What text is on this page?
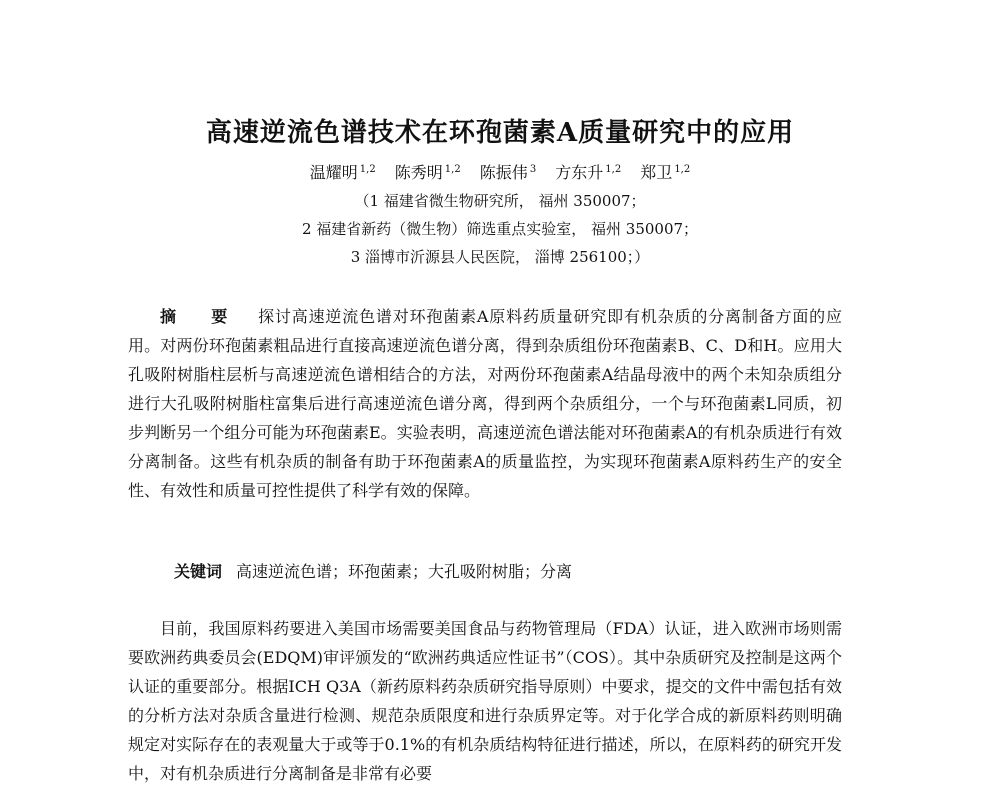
高速逆流色谱技术在环孢菌素A质量研究中的应用
温耀明 $^{1,2}$ 陈秀明 $^{1,2}$ 陈振伟 $^3$ 方东升 $^{1,2}$ 郑卫 $^{1,2}$
（1 福建省微生物研究所， 福州 350007；
2 福建省新药（微生物）筛选重点实验室， 福州 350007；
3 淄博市沂源县人民医院， 淄博 256100；）
摘 要 探讨高速逆流色谱对环孢菌素A原料药质量研究即有机杂质的分离制备方面的应用。对两份环孢菌素粗品进行直接高速逆流色谱分离，得到杂质组份环孢菌素B、C、D和H。应用大孔吸附树脂柱层析与高速逆流色谱相结合的方法，对两份环孢菌素A结晶母液中的两个未知杂质组分进行大孔吸附树脂柱富集后进行高速逆流色谱分离，得到两个杂质组分，一个与环孢菌素L同质，初步判断另一个组分可能为环孢菌素E。实验表明，高速逆流色谱法能对环孢菌素A的有机杂质进行有效分离制备。这些有机杂质的制备有助于环孢菌素A的质量监控，为实现环孢菌素A原料药生产的安全性、有效性和质量可控性提供了科学有效的保障。
关键词 高速逆流色谱；环孢菌素；大孔吸附树脂；分离
目前，我国原料药要进入美国市场需要美国食品与药物管理局（FDA）认证，进入欧洲市场则需要欧洲药典委员会(EDQM)审评颁发的“欧洲药典适应性证书”（COS）。其中杂质研究及控制是这两个认证的重要部分。根据ICH Q3A（新药原料药杂质研究指导原则）中要求，提交的文件中需包括有效的分析方法对杂质含量进行检测、规范杂质限度和进行杂质界定等。对于化学合成的新原料药则明确规定对实际存在的表观量大于或等于0.1%的有机杂质结构特征进行描述，所以，在原料药的研究开发中，对有机杂质进行分离制备是非常有必要
